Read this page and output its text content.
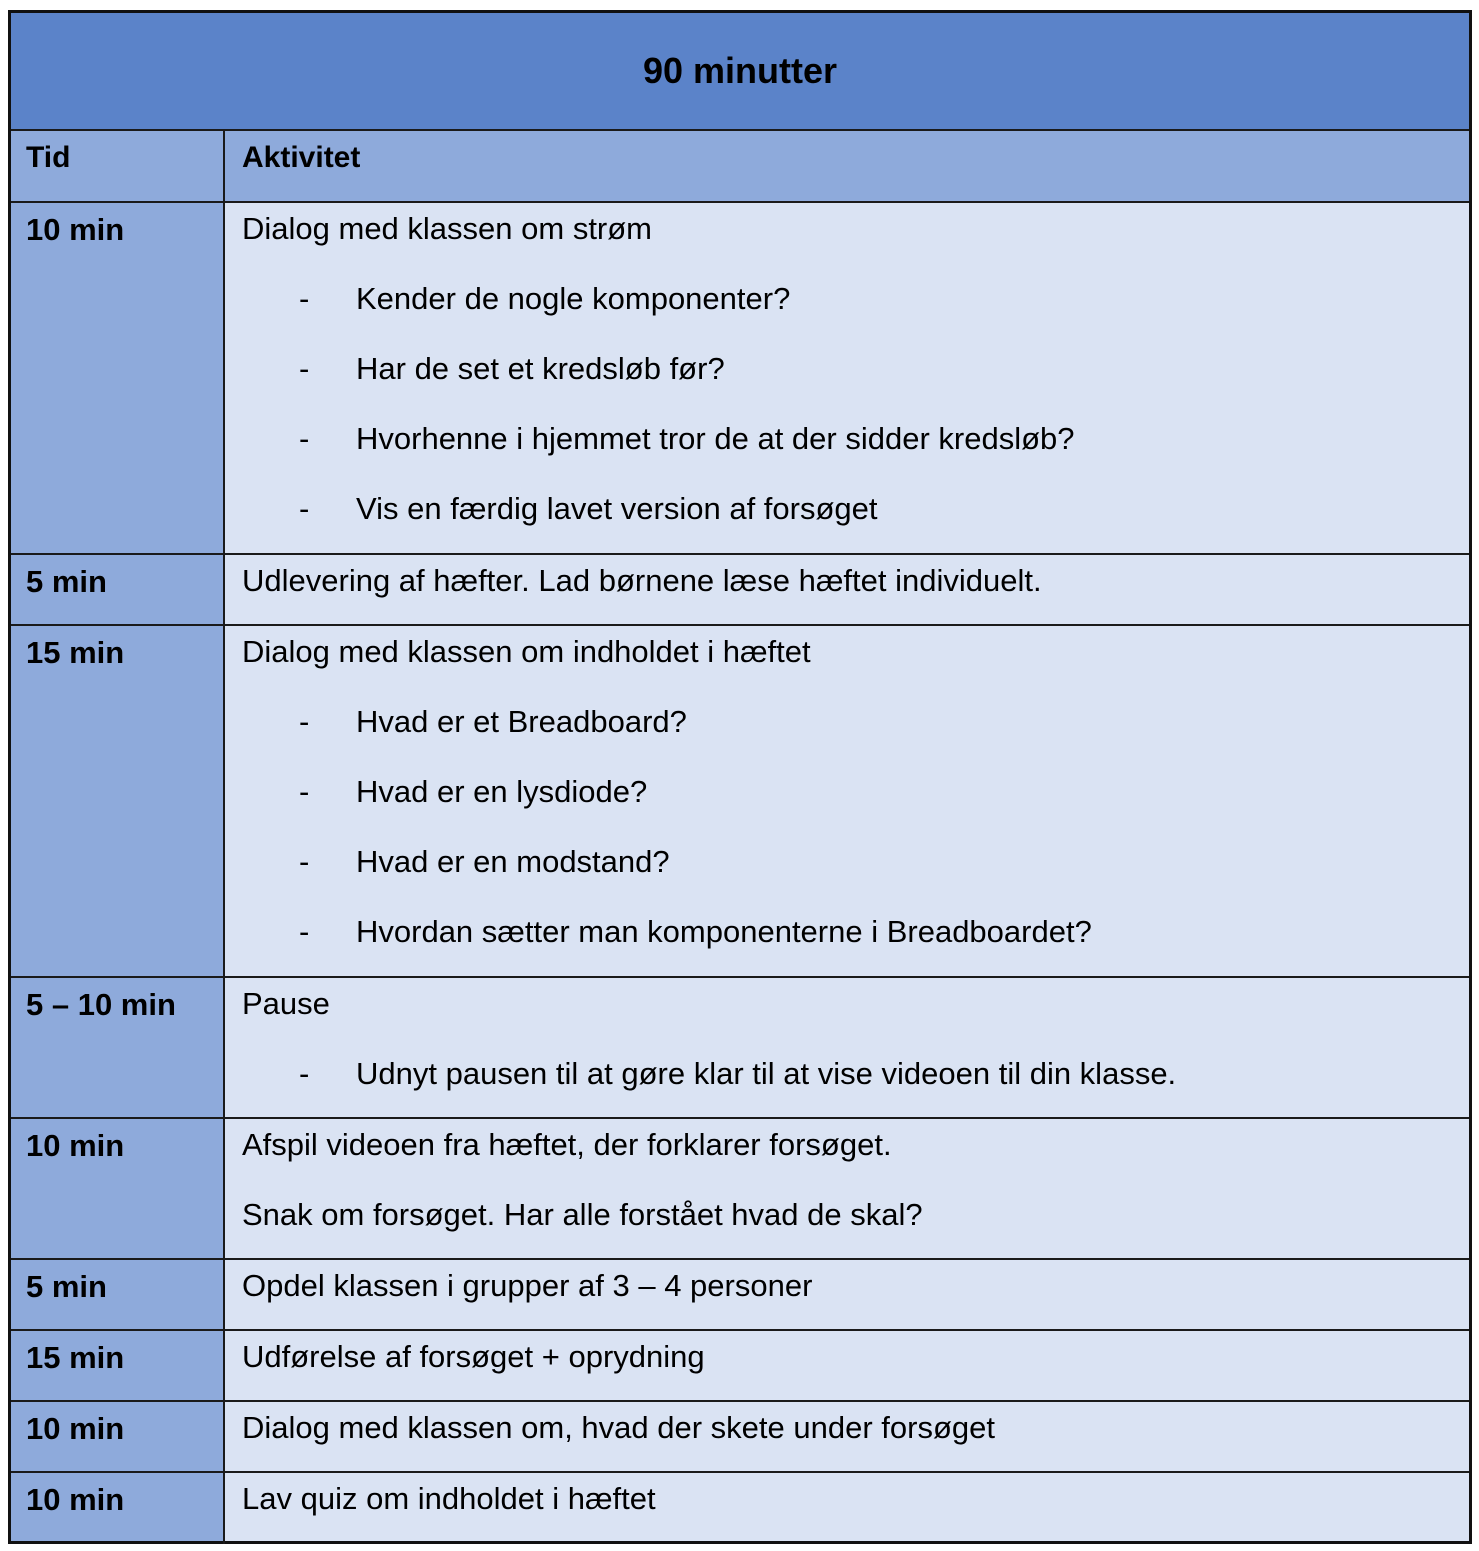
90 minutter
Tid	Aktivitet
10 min	Dialog med klassen om strøm
- Kender de nogle komponenter?
- Har de set et kredsløb før?
- Hvorhenne i hjemmet tror de at der sidder kredsløb?
- Vis en færdig lavet version af forsøget
5 min	Udlevering af hæfter. Lad børnene læse hæftet individuelt.
15 min	Dialog med klassen om indholdet i hæftet
- Hvad er et Breadboard?
- Hvad er en lysdiode?
- Hvad er en modstand?
- Hvordan sætter man komponenterne i Breadboardet?
5 – 10 min Pause
- Udnyt pausen til at gøre klar til at vise videoen til din klasse.
10 min	Afspil videoen fra hæftet, der forklarer forsøget.
Snak om forsøget. Har alle forstået hvad de skal?
5 min	Opdel klassen i grupper af 3 – 4 personer
15 min	Udførelse af forsøget + oprydning
10 min	Dialog med klassen om, hvad der skete under forsøget
10 min	Lav quiz om indholdet i hæftet
